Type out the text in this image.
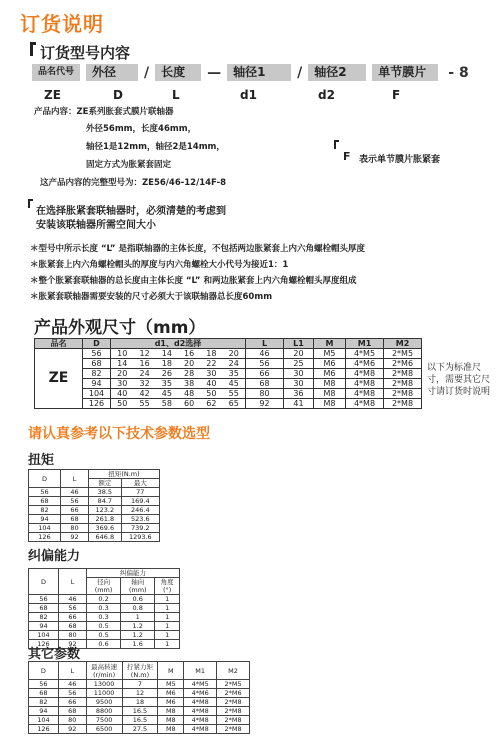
订货说明
订货型号内容
品名代号	外径	/	长度	—	轴径1	/	轴径2	单节膜片	- 8
ZE	D	L	d1	d2	F
产品内容：ZE系列胀套式膜片联轴器
外径56mm，长度46mm，
轴径1是12mm，轴径2是14mm，
固定方式为胀紧套固定
这产品内容的完整型号为：ZE56/46-12/14F-8
F 表示单节膜片胀紧套
在选择胀紧套联轴器时，必须清楚的考虑到
安装该联轴器所需空间大小
＊型号中所示长度 “L” 是指联轴器的主体长度，不包括两边胀紧套上内六角螺栓帽头厚度
＊胀紧套上内六角螺栓帽头的厚度与内六角螺栓大小代号为接近1：1
＊整个胀紧套联轴器的总长度由主体长度 “L” 和两边胀紧套上内六角螺栓帽头厚度组成
＊胀紧套联轴器需要安装的尺寸必须大于该联轴器总长度60mm
产品外观尺寸（mm）
品名	D	d1、d2选择						L	L1	M	M1	M2
ZE	56	10	12	14	16	18	20	46	20	M5	4*M5	2*M5
	68	14	16	18	20	22	24	56	25	M6	4*M6	2*M6
	82	20	24	26	28	30	35	66	30	M6	4*M8	2*M8
	94	30	32	35	38	40	45	68	30	M8	4*M8	2*M8
	104	40	42	45	48	50	55	80	36	M8	4*M8	2*M8
	126	50	55	58	60	62	65	92	41	M8	4*M8	2*M8
以下为标准尺寸，需要其它尺寸请订货时说明
请认真参考以下技术参数选型
扭矩
D	L	扭矩(N.m)	
		额定	最大
56	46	38.5	77
68	56	84.7	169.4
82	66	123.2	246.4
94	68	261.8	523.6
104	80	369.6	739.2
126	92	646.8	1293.6
纠偏能力
D	L	纠偏能力		
		径向(mm)	轴向(mm)	角度(°)
56	46	0.2	0.6	1
68	56	0.3	0.8	1
82	66	0.3	1	1
94	68	0.5	1.2	1
104	80	0.5	1.2	1
126	92	0.6	1.6	1
其它参数
D	L	最高转速(r/min)	拧紧力矩(N.m)	M	M1	M2
56	46	13000	7	M5	4*M5	2*M5
68	56	11000	12	M6	4*M6	2*M6
82	66	9500	18	M6	4*M8	2*M8
94	68	8800	16.5	M8	4*M8	2*M8
104	80	7500	16.5	M8	4*M8	2*M8
126	92	6500	27.5	M8	4*M8	2*M8
